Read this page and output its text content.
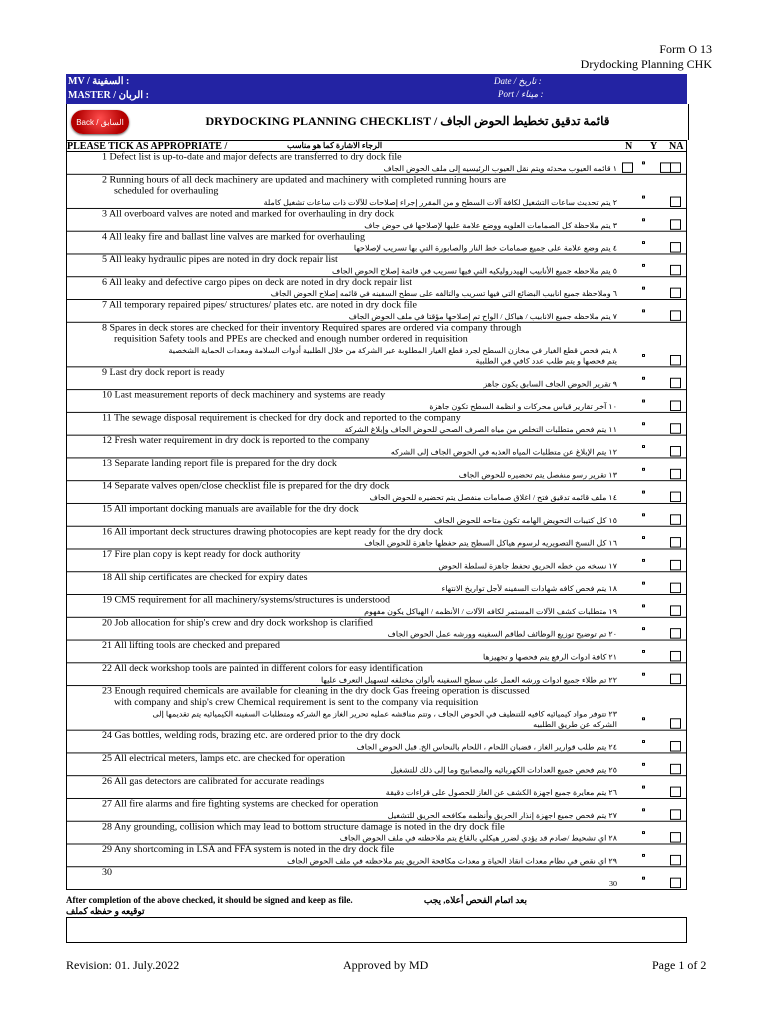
Form O 13
Drydocking Planning CHK
MV / السفينة :
MASTER / الربان :
Date / تاريخ :
Port / ميناء :
Back / السابق	DRYDOCKING PLANNING CHECKLIST / قائمة تدقيق تخطيط الحوض الجاف
PLEASE TICK AS APPROPRIATE /	الرجاء الاشارة كما هو مناسب	N Y NA
1 Defect list is up-to-date and major defects are transferred to dry dock file
١ قائمه العيوب محدثه ويتم نقل العيوب الرئيسيه إلى ملف الحوض الجاف
2 Running hours of all deck machinery are updated and machinery with completed running hours are
scheduled for overhauling
٢ يتم تحديث ساعات التشغيل لكافة آلات السطح و من المقرر إجراء إصلاحات للآلات ذات ساعات تشغيل كاملة
3 All overboard valves are noted and marked for overhauling in dry dock
٣ يتم ملاحظة كل الصمامات العلويه ووضع علامة عليها لإصلاحها في حوض جاف
4 All leaky fire and ballast line valves are marked for overhauling
٤ يتم وضع علامة على جميع صمامات خط النار والصابورة التي بها تسريب لإصلاحها
5 All leaky hydraulic pipes are noted in dry dock repair list
٥ يتم ملاحظه جميع الأنابيب الهيدروليكيه التي فيها تسريب في قائمة إصلاح الحوض الجاف
6 All leaky and defective cargo pipes on deck are noted in dry dock repair list
٦ وملاحظة جميع انابيب البضائع التي فيها تسريب والتالفه على سطح السفينه في قائمه إصلاح الحوض الجاف
7 All temporary repaired pipes/ structures/ plates etc. are noted in dry dock file
٧ يتم ملاحظه جميع الانابيب / هياكل / الواح تم إصلاحها مؤقتا في ملف الحوض الجاف
8 Spares in deck stores are checked for their inventory Required spares are ordered via company through
requisition Safety tools and PPEs are checked and enough number ordered in requisition
٨ يتم فحص قطع الغيار في مخازن السطح لجرد قطع الغيار المطلوبة عبر الشركة من خلال الطلبية أدوات السلامة ومعدات الحماية الشخصية
يتم فحصها و يتم طلب عدد كافي في الطلبية
9 Last dry dock report is ready
٩ تقرير الحوض الجاف السابق يكون جاهز
10 Last measurement reports of deck machinery and systems are ready
١٠ آخر تقارير قياس محركات و انظمة السطح تكون جاهزة
11 The sewage disposal requirement is checked for dry dock and reported to the company
١١ يتم فحص متطلبات التخلص من مياه الصرف الصحي للحوض الجاف وإبلاغ الشركة
12 Fresh water requirement in dry dock is reported to the company
١٢ يتم الإبلاغ عن متطلبات المياه العذبه في الحوض الجاف إلى الشركه
13 Separate landing report file is prepared for the dry dock
١٣ تقرير رسو منفصل يتم تحضيره للحوض الجاف
14 Separate valves open/close checklist file is prepared for the dry dock
١٤ ملف قائمه تدقيق فتح / اغلاق صمامات منفصل يتم تحضيره للحوض الجاف
15 All important docking manuals are available for the dry dock
١٥ كل كتيبات التحويض الهامه تكون متاحه للحوض الجاف
16 All important deck structures drawing photocopies are kept ready for the dry dock
١٦ كل النسخ التصويريه لرسوم هياكل السطح يتم حفظها جاهزة للحوض الجاف
17 Fire plan copy is kept ready for dock authority
١٧ نسخه من خطه الحريق تحفظ جاهزة لسلطة الحوض
18 All ship certificates are checked for expiry dates
١٨ يتم فحص كافه شهادات السفينه لأجل تواريخ الانتهاء
19 CMS requirement for all machinery/systems/structures is understood
١٩ متطلبات كشف الآلات المستمر لكافه الآلات / الأنظمه / الهياكل يكون مفهوم
20 Job allocation for ship's crew and dry dock workshop is clarified
٢٠ تم توضيح توزيع الوظائف لطاقم السفينه وورشه عمل الحوض الجاف
21 All lifting tools are checked and prepared
٢١ كافة ادوات الرفع يتم فحصها و تجهيزها
22 All deck workshop tools are painted in different colors for easy identification
٢٢ تم طلاء جميع ادوات ورشه العمل على سطح السفينه بألوان مختلفه لتسهيل التعرف عليها
23 Enough required chemicals are available for cleaning in the dry dock Gas freeing operation is discussed
with company and ship's crew Chemical requirement is sent to the company via requisition
٢٣ تتوفر مواد كيميائيه كافيه للتنظيف في الحوض الجاف ، وتتم مناقشه عمليه تحرير الغاز مع الشركه ومتطلبات السفينه الكيميائيه يتم تقديمها إلى
الشركه عن طريق الطلبيه
24 Gas bottles, welding rods, brazing etc. are ordered prior to the dry dock
٢٤ يتم طلب قوارير الغاز ، قضبان اللحام ، اللحام بالنحاس الخ. قبل الحوض الجاف
25 All electrical meters, lamps etc. are checked for operation
٢٥ يتم فحص جميع العدادات الكهربائيه والمصابيح وما إلى ذلك للتشغيل
26 All gas detectors are calibrated for accurate readings
٢٦ يتم معايرة جميع اجهزة الكشف عن الغاز للحصول على قراءات دقيقة
27 All fire alarms and fire fighting systems are checked for operation
٢٧ يتم فحص جميع اجهزة إنذار الحريق وأنظمه مكافحه الحريق للتشغيل
28 Any grounding, collision which may lead to bottom structure damage is noted in the dry dock file
٢٨ اي تشحيط /صادم قد يؤدي لضرر هيكلي بالقاع يتم ملاحظته في ملف الحوض الجاف
29 Any shortcoming in LSA and FFA system is noted in the dry dock file
٢٩ اي نقص في نظام معدات انقاذ الحياة و معدات مكافحة الحريق يتم ملاحظته في ملف الحوض الجاف
30
30
After completion of the above checked, it should be signed and keep as file.	بعد اتمام الفحص أعلاه, يجب
توقيعه و حفظه كملف
Revision: 01. July.2022	Approved by MD	Page 1 of 2
